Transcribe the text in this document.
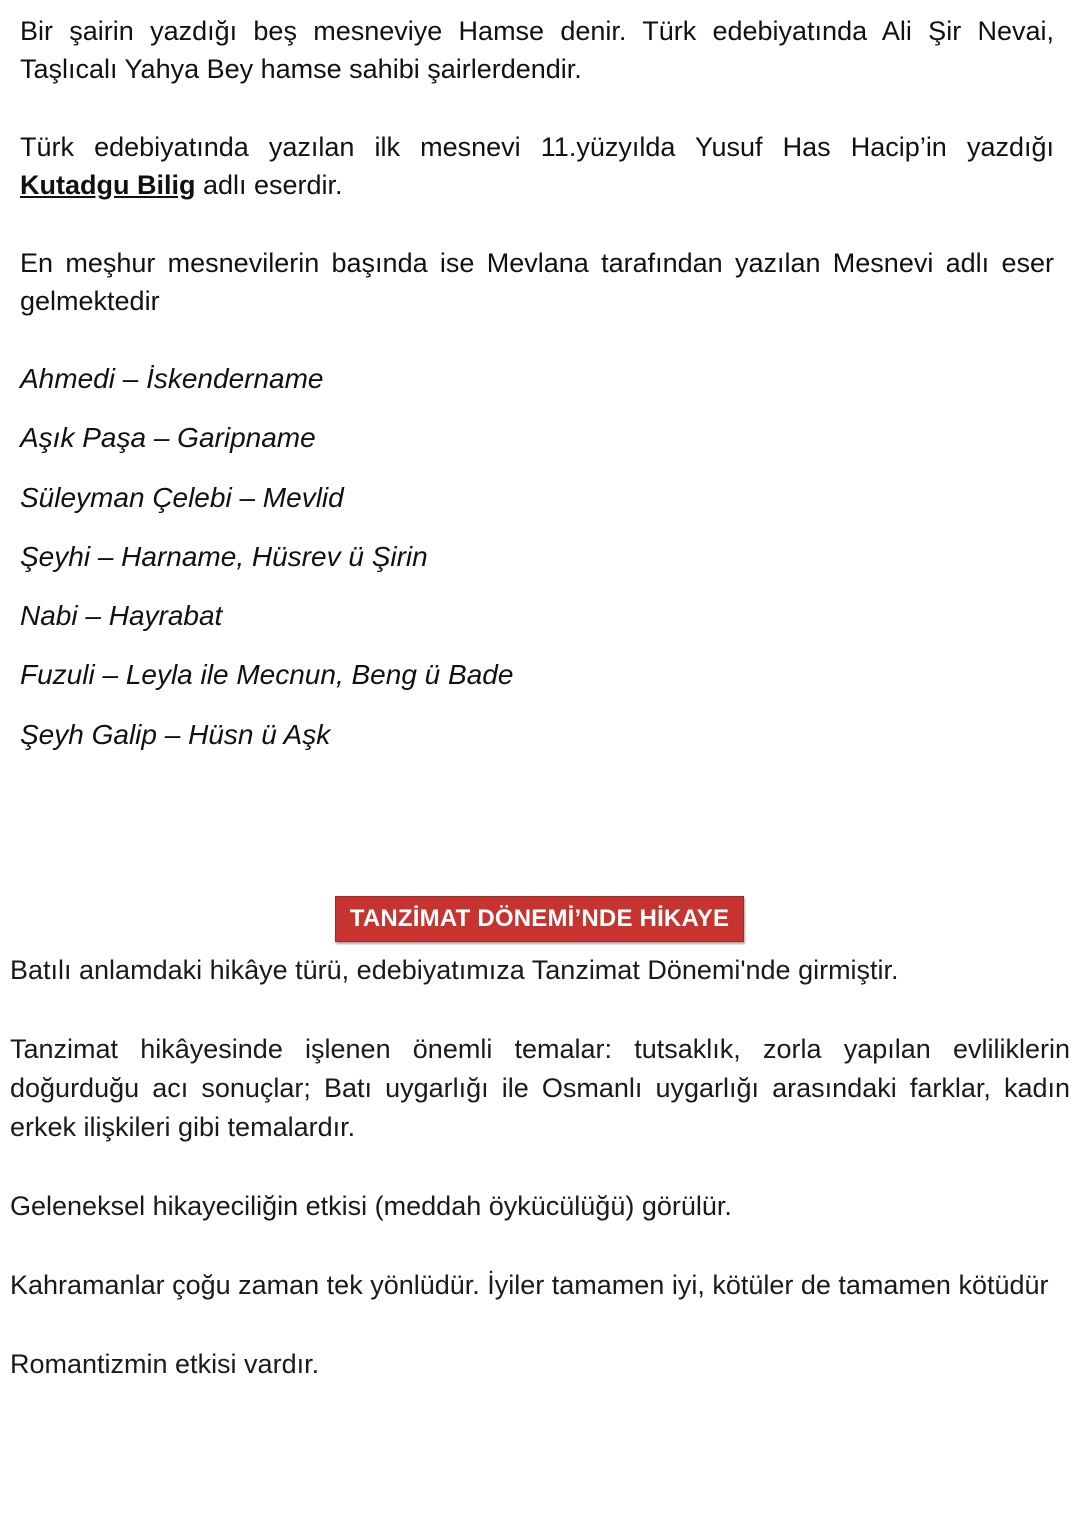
Bir şairin yazdığı beş mesneviye Hamse denir. Türk edebiyatında Ali Şir Nevai, Taşlıcalı Yahya Bey hamse sahibi şairlerdendir.

Türk edebiyatında yazılan ilk mesnevi 11.yüzyılda Yusuf Has Hacip’in yazdığı Kutadgu Bilig adlı eserdir.

En meşhur mesnevilerin başında ise Mevlana tarafından yazılan Mesnevi adlı eser gelmektedir

Ahmedi – İskendername
Aşık Paşa – Garipname
Süleyman Çelebi – Mevlid
Şeyhi – Harname, Hüsrev ü Şirin
Nabi – Hayrabat
Fuzuli – Leyla ile Mecnun, Beng ü Bade
Şeyh Galip – Hüsn ü Aşk
TANZİMAT DÖNEMİ’NDE HİKAYE

Batılı anlamdaki hikâye türü, edebiyatımıza Tanzimat Dönemi'nde girmiştir.

Tanzimat hikâyesinde işlenen önemli temalar: tutsaklık, zorla yapılan evliliklerin doğurduğu acı sonuçlar; Batı uygarlığı ile Osmanlı uygarlığı arasındaki farklar, kadın erkek ilişkileri gibi temalardır.

Geleneksel hikayeciliğin etkisi (meddah öykücülüğü) görülür.

Kahramanlar çoğu zaman tek yönlüdür. İyiler tamamen iyi, kötüler de tamamen kötüdür

Romantizmin etkisi vardır.
